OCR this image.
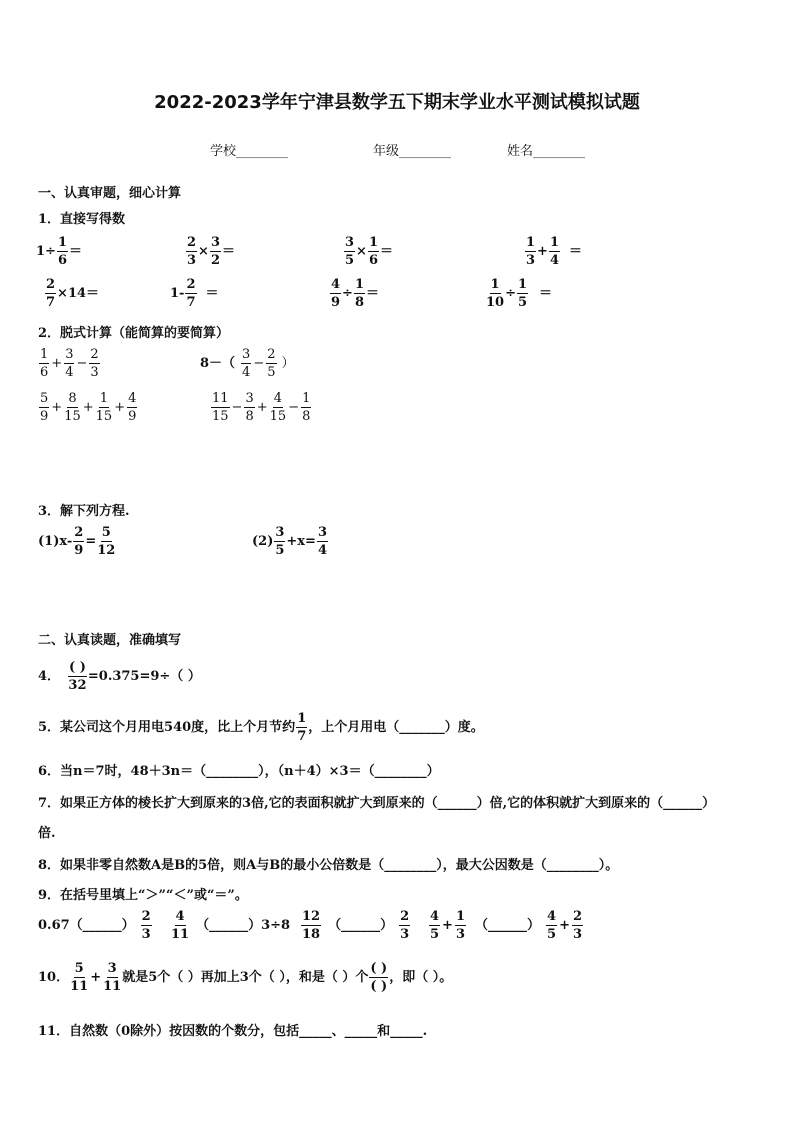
2022-2023学年宁津县数学五下期末学业水平测试模拟试题
学校________	年级________	姓名________
一、认真审题，细心计算
1．直接写得数
$1\div \frac{1}{6}$ ＝	$\frac{2}{3} \times \frac{3}{2}$ ＝	$\frac{3}{5} \times \frac{1}{6}$ ＝	$\frac{1}{3} + \frac{1}{4}$ ＝
$\frac{2}{7} \times 14=$	$1- \frac{2}{7}$ ＝	$\frac{4}{9} \div \frac{1}{8}$ ＝	$\frac{1}{10} \div \frac{1}{5}$ ＝
2．脱式计算（能简算的要简算）
$\frac{1}{6} + \frac{3}{4} - \frac{2}{3}$	$8-( \frac{3}{4} - \frac{2}{5}$ ）
$\frac{5}{9} + \frac{8}{15} + \frac{1}{15} + \frac{4}{9}$	$\frac{11}{15} - \frac{3}{8} + \frac{4}{15} - \frac{1}{8}$
3．解下列方程.
$(1)x- \frac{2}{9} = \frac{5}{12}$	$(2) \frac{3}{5} +x= \frac{3}{4}$
二、认真读题，准确填写
4． $\frac{( )}{32} =0.375=9\div$（ ）
5．某公司这个月用电540度，比上个月节约 $\frac{1}{7}$ ，上个月用电（_______）度。
6．当n＝7时，48＋3n＝（________），（n＋4）×3＝（________）
7．如果正方体的棱长扩大到原来的3倍,它的表面积就扩大到原来的（______）倍,它的体积就扩大到原来的（______）
倍.
8．如果非零自然数A是B的5倍，则A与B的最小公倍数是（________），最大公因数是（________）。
9．在括号里填上“＞”“＜”或“＝”。
0.67（______） $\frac{2}{3} \frac{4}{11}$ （______）3÷8 $\frac{12}{18}$ （______） $\frac{2}{3} \frac{4}{5} + \frac{1}{3}$ （______） $\frac{4}{5} + \frac{2}{3}$
10． $\frac{5}{11} + \frac{3}{11}$ 就是5个（ ）再加上3个（ ），和是（ ）个 $\frac{( )}{( )}$ ，即（ ）。
11．自然数（0除外）按因数的个数分，包括_____、_____和_____.
